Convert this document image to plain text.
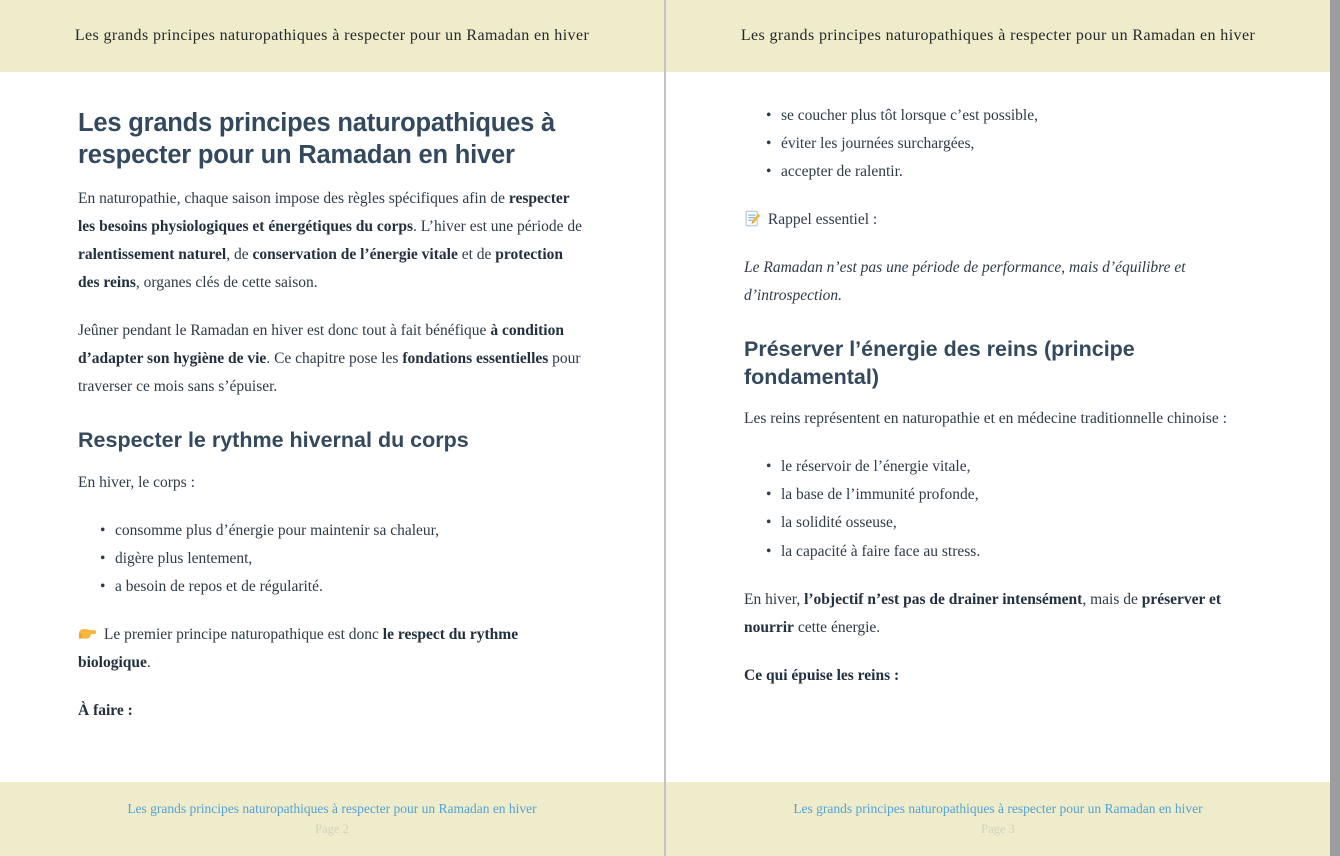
Les grands principes naturopathiques à respecter pour un Ramadan en hiver
Les grands principes naturopathiques à respecter pour un Ramadan en hiver

En naturopathie, chaque saison impose des règles spécifiques afin de respecter les besoins physiologiques et énergétiques du corps. L’hiver est une période de ralentissement naturel, de conservation de l’énergie vitale et de protection des reins, organes clés de cette saison.

Jeûner pendant le Ramadan en hiver est donc tout à fait bénéfique à condition d’adapter son hygiène de vie. Ce chapitre pose les fondations essentielles pour traverser ce mois sans s’épuiser.

Respecter le rythme hivernal du corps

En hiver, le corps :

• consomme plus d’énergie pour maintenir sa chaleur,
• digère plus lentement,
• a besoin de repos et de régularité.

Le premier principe naturopathique est donc le respect du rythme biologique.

À faire :

Les grands principes naturopathiques à respecter pour un Ramadan en hiver
Page 2
Les grands principes naturopathiques à respecter pour un Ramadan en hiver
• se coucher plus tôt lorsque c’est possible,
• éviter les journées surchargées,
• accepter de ralentir.

Rappel essentiel :

Le Ramadan n’est pas une période de performance, mais d’équilibre et d’introspection.

Préserver l’énergie des reins (principe fondamental)

Les reins représentent en naturopathie et en médecine traditionnelle chinoise :

• le réservoir de l’énergie vitale,
• la base de l’immunité profonde,
• la solidité osseuse,
• la capacité à faire face au stress.

En hiver, l’objectif n’est pas de drainer intensément, mais de préserver et nourrir cette énergie.

Ce qui épuise les reins :

Les grands principes naturopathiques à respecter pour un Ramadan en hiver
Page 3
